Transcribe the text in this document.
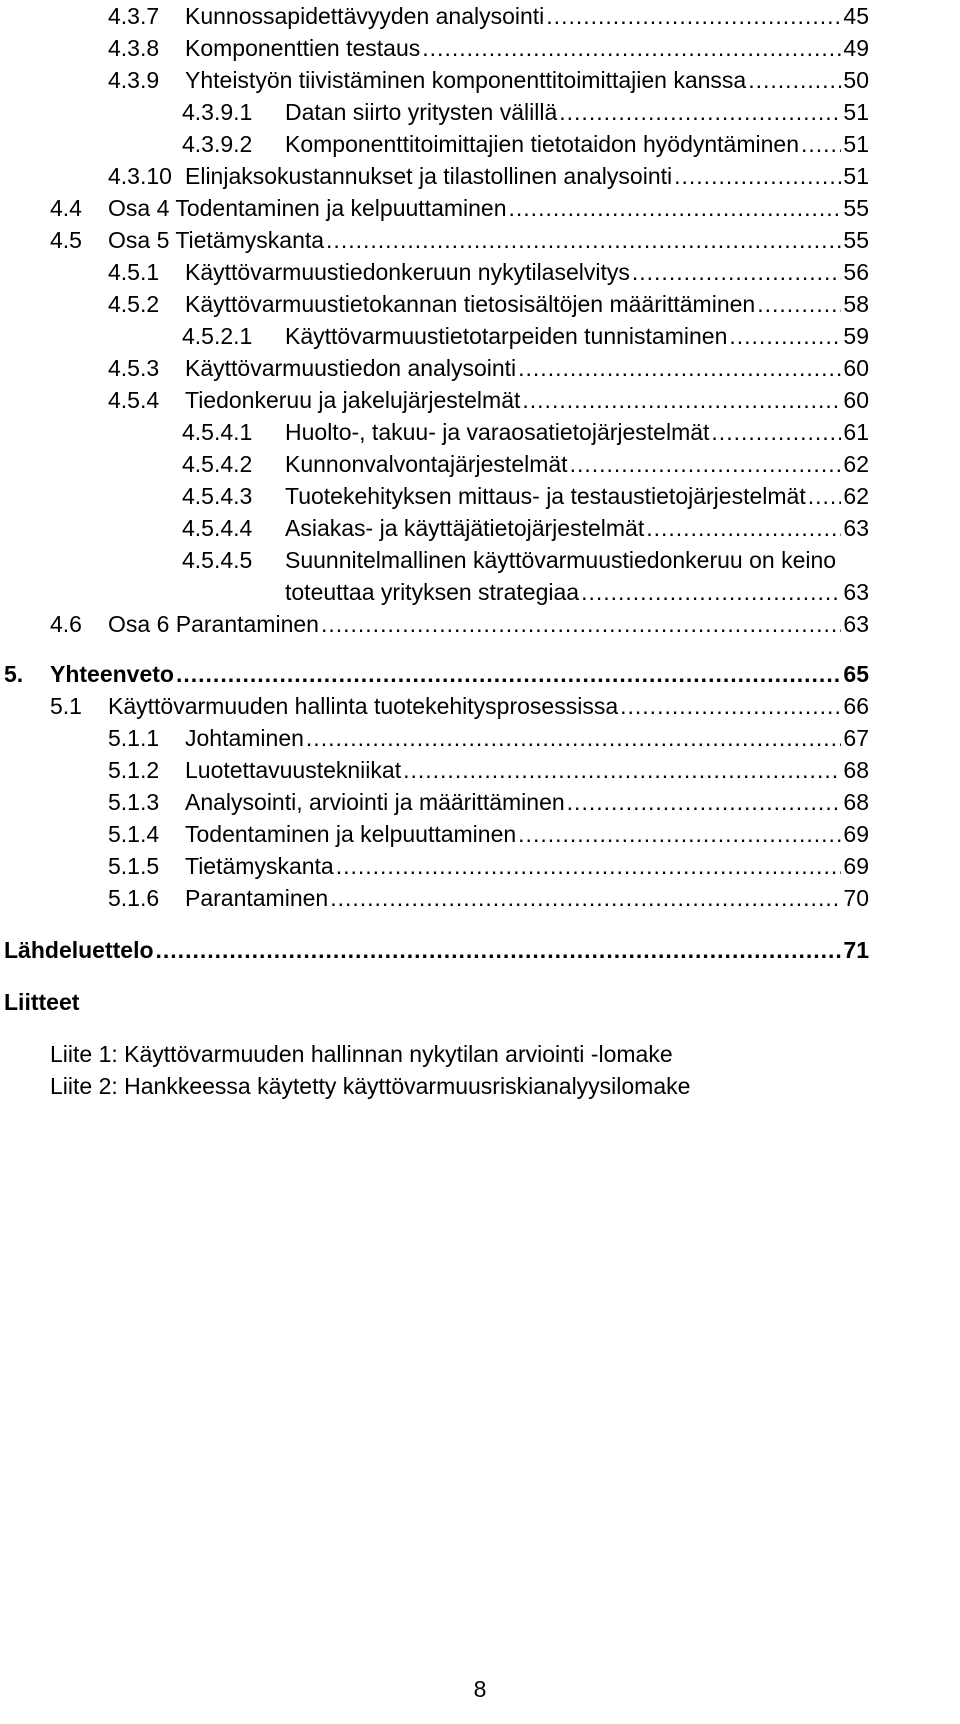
4.3.7	Kunnossapidettävyyden analysointi .....	45
4.3.8	Komponenttien testaus .....	49
4.3.9	Yhteistyön tiivistäminen komponenttitoimittajien kanssa .....	50
4.3.9.1	Datan siirto yritysten välillä .....	51
4.3.9.2	Komponenttitoimittajien tietotaidon hyödyntäminen ..... 51
4.3.10 Elinjaksokustannukset ja tilastollinen analysointi .....	51
4.4	Osa 4 Todentaminen ja kelpuuttaminen .....	55
4.5	Osa 5 Tietämyskanta .....	55
4.5.1	Käyttövarmuustiedonkeruun nykytilaselvitys .....	56
4.5.2	Käyttövarmuustietokannan tietosisältöjen määrittäminen .....	58
4.5.2.1	Käyttövarmuustietotarpeiden tunnistaminen .....	59
4.5.3	Käyttövarmuustiedon analysointi .....	60
4.5.4	Tiedonkeruu ja jakelujärjestelmät .....	60
4.5.4.1	Huolto-, takuu- ja varaosatietojärjestelmät .....	61
4.5.4.2	Kunnonvalvontajärjestelmät .....	62
4.5.4.3	Tuotekehityksen mittaus- ja testaustietojärjestelmät ..... 62
4.5.4.4	Asiakas- ja käyttäjätietojärjestelmät .....	63
4.5.4.5 Suunnitelmallinen käyttövarmuustiedonkeruu on keino
toteuttaa yrityksen strategiaa .....	63
4.6	Osa 6 Parantaminen .....	63
5.	Yhteenveto .....	65
5.1	Käyttövarmuuden hallinta tuotekehitysprosessissa .....	66
5.1.1	Johtaminen .....	67
5.1.2	Luotettavuustekniikat .....	68
5.1.3	Analysointi, arviointi ja määrittäminen .....	68
5.1.4	Todentaminen ja kelpuuttaminen .....	69
5.1.5	Tietämyskanta .....	69
5.1.6	Parantaminen .....	70
Lähdeluettelo .....	71
Liitteet
Liite 1: Käyttövarmuuden hallinnan nykytilan arviointi -lomake
Liite 2: Hankkeessa käytetty käyttövarmuusriskianalyysilomake
8
